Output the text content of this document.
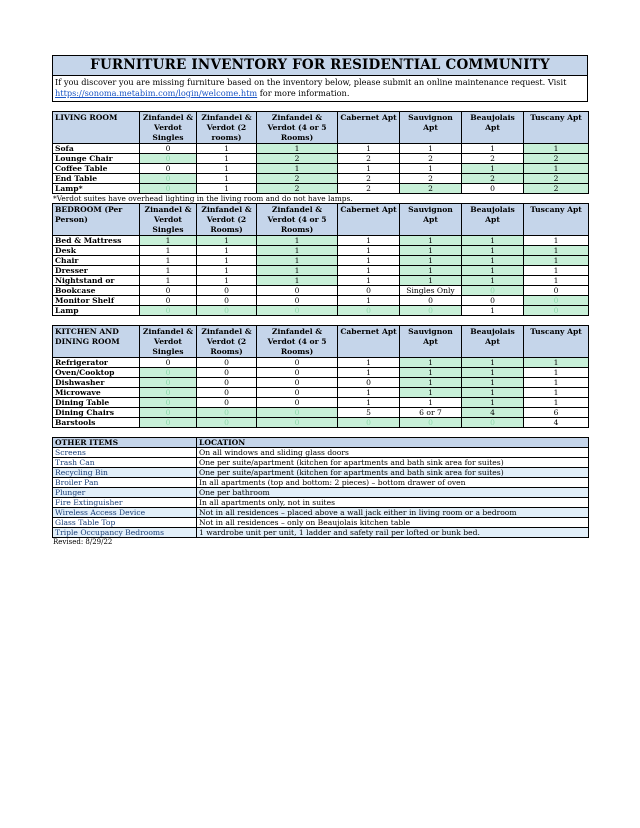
FURNITURE INVENTORY FOR RESIDENTIAL COMMUNITY
If you discover you are missing furniture based on the inventory below, please submit an online maintenance request. Visit https://sonoma.metabim.com/login/welcome.htm for more information.
LIVING ROOM	Zinfandel & Verdot Singles	Zinfandel & Verdot (2 rooms)	Zinfandel & Verdot (4 or 5 Rooms)	Cabernet Apt	Sauvignon Apt	Beaujolais Apt	Tuscany Apt
Sofa	0	1	1	1	1	1	1
Lounge Chair	0	1	2	2	2	2	2
Coffee Table	0	1	1	1	1	1	1
End Table	0	1	2	2	2	2	2
Lamp*	0	1	2	2	2	0	2
*Verdot suites have overhead lighting in the living room and do not have lamps.
BEDROOM (Per Person)	Zinandel & Verdot Singles	Zinfandel & Verdot (2 Rooms)	Zinfandel & Verdot (4 or 5 Rooms)	Cabernet Apt	Sauvignon Apt	Beaujolais Apt	Tuscany Apt
Bed & Mattress	1	1	1	1	1	1	1
Desk	1	1	1	1	1	1	1
Chair	1	1	1	1	1	1	1
Dresser	1	1	1	1	1	1	1
Nightstand or	1	1	1	1	1	1	1
Bookcase	0	0	0	0	Singles Only	0	0
Monitor Shelf	0	0	0	1	0	0	0
Lamp	0	0	0	0	0	1	0
KITCHEN AND DINING ROOM	Zinfandel & Verdot Singles	Zinfandel & Verdot (2 Rooms)	Zinfandel & Verdot (4 or 5 Rooms)	Cabernet Apt	Sauvignon Apt	Beaujolais Apt	Tuscany Apt
Refrigerator	0	0	0	1	1	1	1
Oven/Cooktop	0	0	0	1	1	1	1
Dishwasher	0	0	0	0	1	1	1
Microwave	0	0	0	1	1	1	1
Dining Table	0	0	0	1	1	1	1
Dining Chairs	0	0	0	5	6 or 7	4	6
Barstools	0	0	0	0	0	0	4
OTHER ITEMS	LOCATION
Screens	On all windows and sliding glass doors
Trash Can	One per suite/apartment (kitchen for apartments and bath sink area for suites)
Recycling Bin	One per suite/apartment (kitchen for apartments and bath sink area for suites)
Broiler Pan	In all apartments (top and bottom: 2 pieces) – bottom drawer of oven
Plunger	One per bathroom
Fire Extinguisher	In all apartments only, not in suites
Wireless Access Device	Not in all residences – placed above a wall jack either in living room or a bedroom
Glass Table Top	Not in all residences – only on Beaujolais kitchen table
Triple Occupancy Bedrooms	1 wardrobe unit per unit, 1 ladder and safety rail per lofted or bunk bed.
Revised: 8/29/22
